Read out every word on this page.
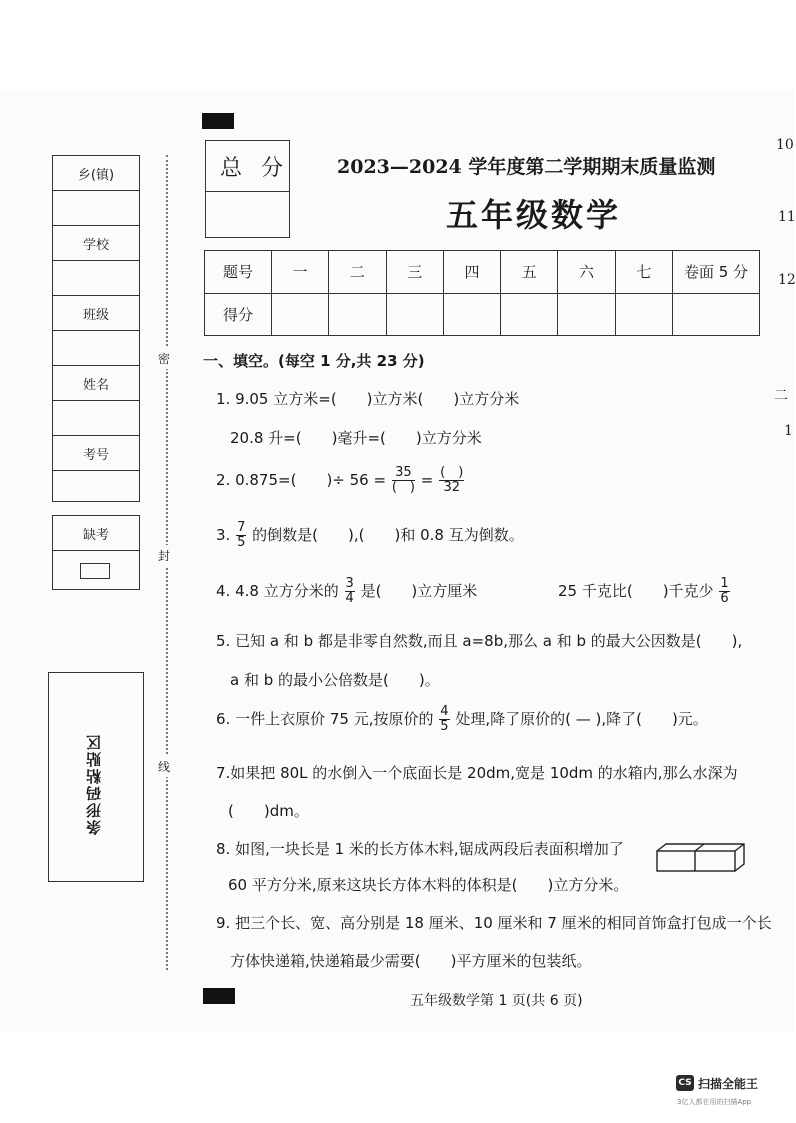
乡(镇)
学校
班级
姓名
考号
缺考
条形码粘贴区
密
封
线
总 分	2023—2024 学年度第二学期期末质量监测
五年级数学
题号	一	二	三	四	五	六	七	卷面 5 分
得分								
一、填空。(每空 1 分,共 23 分)
1. 9.05 立方米=(　　)立方米(　　)立方分米
20.8 升=(　　)毫升=(　　)立方分米
2. 0.875=(　　)÷ $56 = \frac{35}{( )} = \frac{( )}{32}$
3. $\frac{7}{5}$ 的倒数是(　　),(　　)和 0.8 互为倒数。
4. 4.8 立方分米的 $\frac{3}{4}$ 是(　　)立方厘米	25 千克比(　　)千克少 $\frac{1}{6}$
5. 已知 a 和 b 都是非零自然数,而且 a=8b,那么 a 和 b 的最大公因数是(　　),
a 和 b 的最小公倍数是(　　)。
6. 一件上衣原价 75 元,按原价的 $\frac{4}{5}$ 处理,降了原价的( — ),降了(　　)元。
7.如果把 80L 的水倒入一个底面长是 20dm,宽是 10dm 的水箱内,那么水深为
(　　)dm。
8. 如图,一块长是 1 米的长方体木料,锯成两段后表面积增加了
60 平方分米,原来这块长方体木料的体积是(　　)立方分米。
9. 把三个长、宽、高分别是 18 厘米、10 厘米和 7 厘米的相同首饰盒打包成一个长
方体快递箱,快递箱最少需要(　　)平方厘米的包装纸。
五年级数学第 1 页(共 6 页)
10
11
12
二
1
CS 扫描全能王
3亿人都在用的扫描App
